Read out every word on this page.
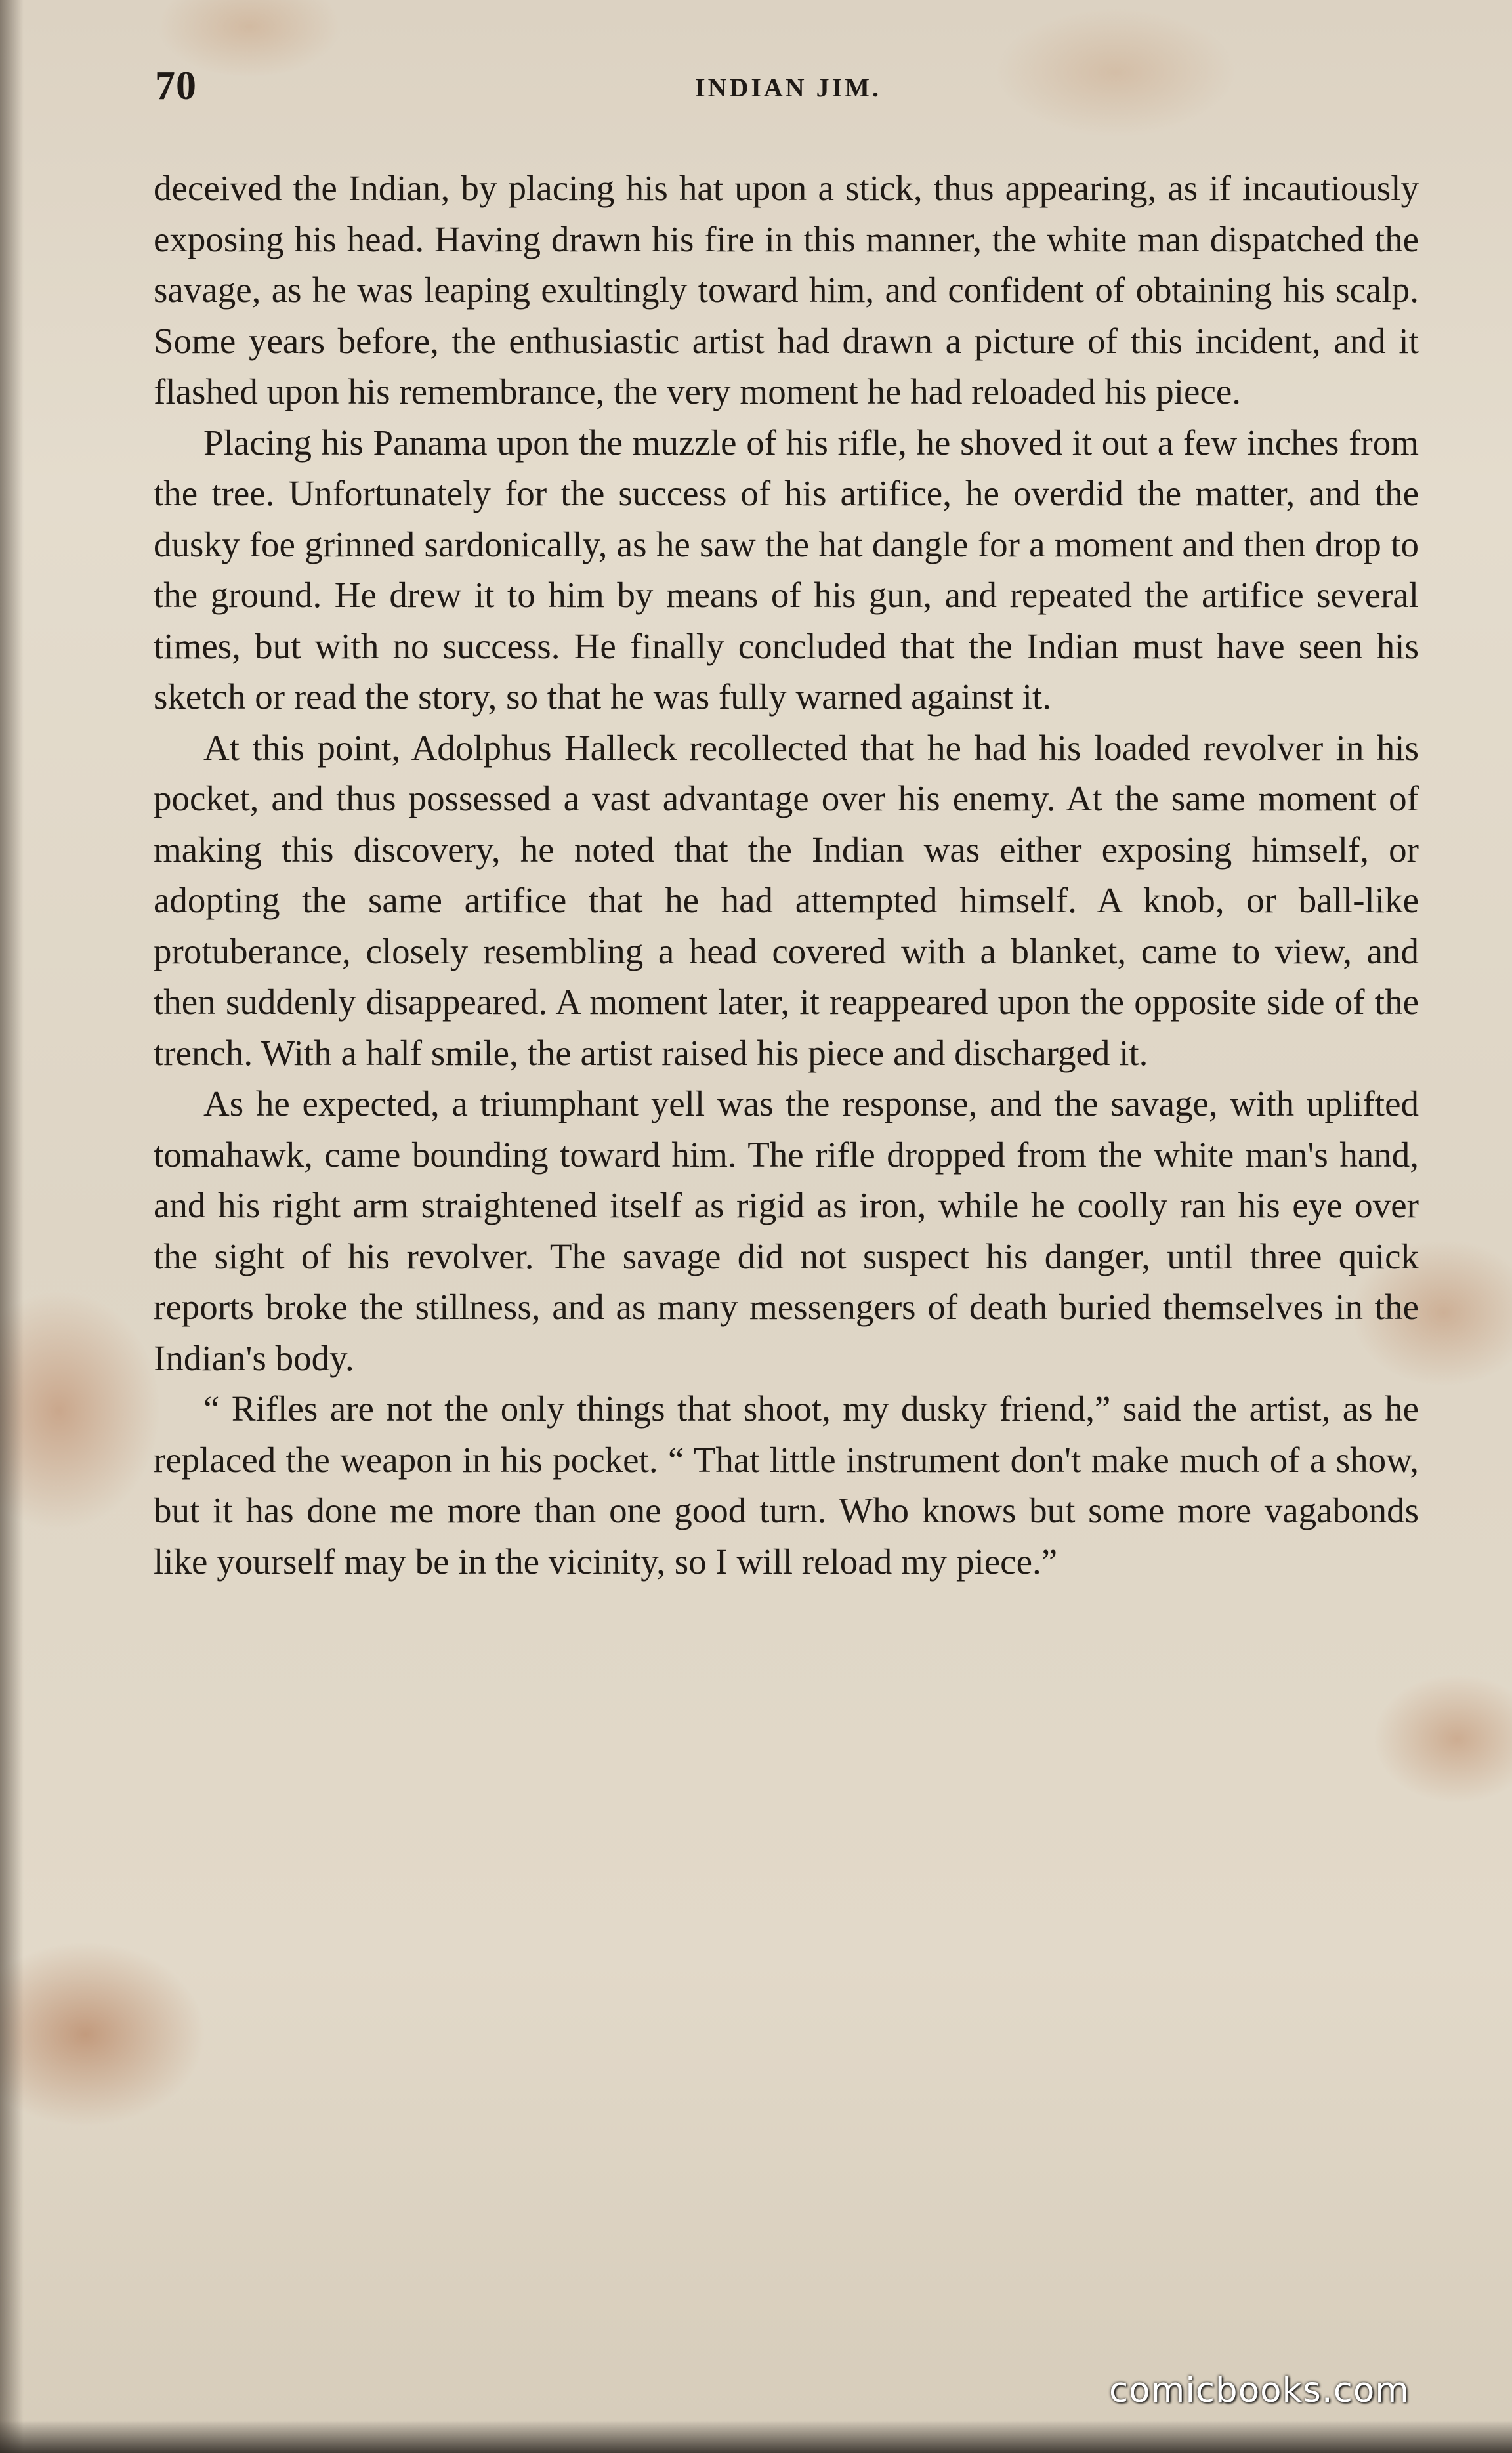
70	INDIAN JIM.

deceived the Indian, by placing his hat upon a stick, thus appearing, as if incautiously exposing his head. Having drawn his fire in this manner, the white man dispatched the savage, as he was leaping exultingly toward him, and confident of obtaining his scalp. Some years before, the enthusiastic artist had drawn a picture of this incident, and it flashed upon his remembrance, the very moment he had reloaded his piece.

Placing his Panama upon the muzzle of his rifle, he shoved it out a few inches from the tree. Unfortunately for the success of his artifice, he overdid the matter, and the dusky foe grinned sardonically, as he saw the hat dangle for a moment and then drop to the ground. He drew it to him by means of his gun, and repeated the artifice several times, but with no success. He finally concluded that the Indian must have seen his sketch or read the story, so that he was fully warned against it.

At this point, Adolphus Halleck recollected that he had his loaded revolver in his pocket, and thus possessed a vast advantage over his enemy. At the same moment of making this discovery, he noted that the Indian was either exposing himself, or adopting the same artifice that he had attempted himself. A knob, or ball-like protuberance, closely resembling a head covered with a blanket, came to view, and then suddenly disappeared. A moment later, it reappeared upon the opposite side of the trench. With a half smile, the artist raised his piece and discharged it.

As he expected, a triumphant yell was the response, and the savage, with uplifted tomahawk, came bounding toward him. The rifle dropped from the white man's hand, and his right arm straightened itself as rigid as iron, while he coolly ran his eye over the sight of his revolver. The savage did not suspect his danger, until three quick reports broke the stillness, and as many messengers of death buried themselves in the Indian's body.

“ Rifles are not the only things that shoot, my dusky friend,” said the artist, as he replaced the weapon in his pocket. “ That little instrument don't make much of a show, but it has done me more than one good turn. Who knows but some more vagabonds like yourself may be in the vicinity, so I will reload my piece.”

comicbooks.com
